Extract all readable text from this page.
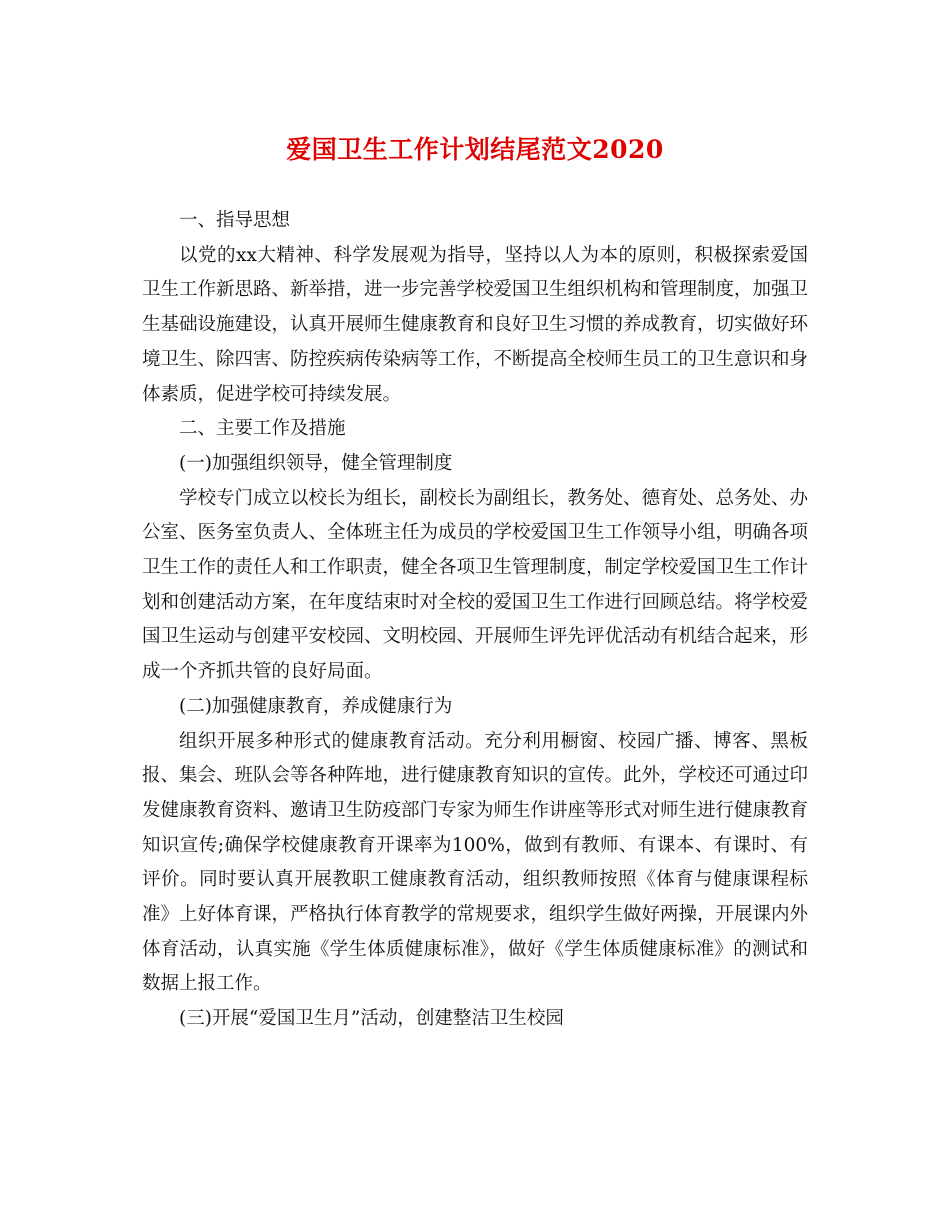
爱国卫生工作计划结尾范文2020

一、指导思想

以党的xx大精神、科学发展观为指导，坚持以人为本的原则，积极探索爱国卫生工作新思路、新举措，进一步完善学校爱国卫生组织机构和管理制度，加强卫生基础设施建设，认真开展师生健康教育和良好卫生习惯的养成教育，切实做好环境卫生、除四害、防控疾病传染病等工作，不断提高全校师生员工的卫生意识和身体素质，促进学校可持续发展。

二、主要工作及措施

(一)加强组织领导，健全管理制度

学校专门成立以校长为组长，副校长为副组长，教务处、德育处、总务处、办公室、医务室负责人、全体班主任为成员的学校爱国卫生工作领导小组，明确各项卫生工作的责任人和工作职责，健全各项卫生管理制度，制定学校爱国卫生工作计划和创建活动方案，在年度结束时对全校的爱国卫生工作进行回顾总结。将学校爱国卫生运动与创建平安校园、文明校园、开展师生评先评优活动有机结合起来，形成一个齐抓共管的良好局面。

(二)加强健康教育，养成健康行为

组织开展多种形式的健康教育活动。充分利用橱窗、校园广播、博客、黑板报、集会、班队会等各种阵地，进行健康教育知识的宣传。此外，学校还可通过印发健康教育资料、邀请卫生防疫部门专家为师生作讲座等形式对师生进行健康教育知识宣传;确保学校健康教育开课率为100%，做到有教师、有课本、有课时、有评价。同时要认真开展教职工健康教育活动，组织教师按照《体育与健康课程标准》上好体育课，严格执行体育教学的常规要求，组织学生做好两操，开展课内外体育活动，认真实施《学生体质健康标准》，做好《学生体质健康标准》的测试和数据上报工作。

(三)开展“爱国卫生月”活动，创建整洁卫生校园
